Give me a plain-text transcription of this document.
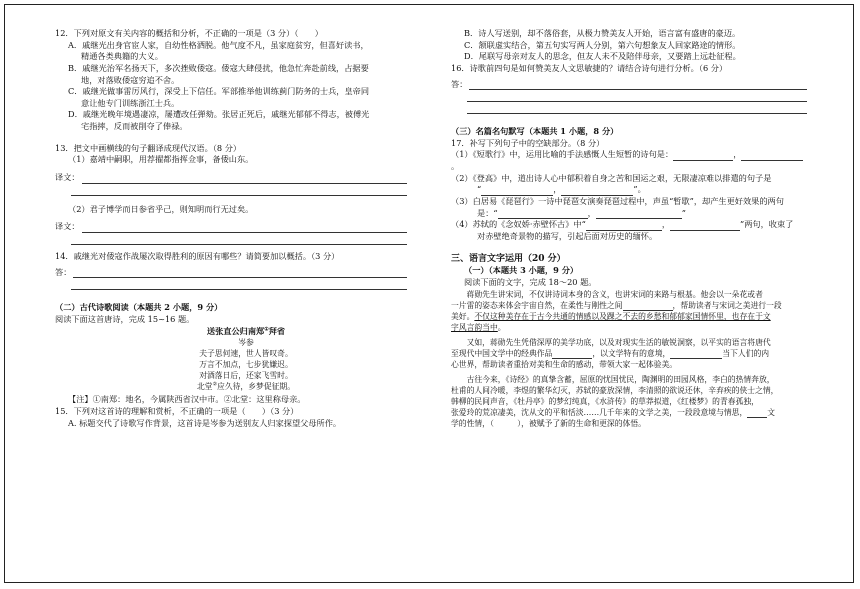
12．下列对原文有关内容的概括和分析，不正确的一项是（3 分）（　　）

A．戚继光出身官宦人家，自幼性格洒脱。他气度不凡，虽家庭贫穷，但喜好读书，

精通各类典籍的大义。

B．戚继光治军名扬天下，多次挫败倭寇。倭寇大肆侵扰，他急忙奔赴前线，占据要

地，对落败倭寇穷追不舍。

C．戚继光做事雷厉风行，深受上下信任。军部推举他训练蓟门防务的士兵，皇帝同

意让他专门训练浙江士兵。

D．戚继光晚年境遇凄凉，屡遭改任弹劾。张居正死后，戚继光郁郁不得志，被傅光

宅指摔，反而被削夺了俸禄。

13．把文中画横线的句子翻译成现代汉语。（8 分）

（1）嘉靖中嗣职，用荐擢都指挥佥事，备倭山东。

译文：

（2）君子博学而日参省乎己，则知明而行无过矣。

译文：

14．戚继光对倭寇作战屡次取得胜利的原因有哪些？请简要加以概括。（3 分）

答：

（二）古代诗歌阅读（本题共 2 小题，9 分）

阅读下面这首唐诗，完成 15~16 题。

送张直公归南郑①拜省

岑参

夫子思何速，世人皆叹奇。

万言不加点，七步犹嫌迟。

对酒落日后，还家飞雪时。

北堂②应久待，乡梦促征期。

【注】①南郑：地名，今属陕西省汉中市。②北堂：这里称母亲。

15．下列对这首诗的理解和赏析，不正确的一项是（　　）（3 分）

A. 标题交代了诗歌写作背景，这首诗是岑参为送别友人归家探望父母所作。

B．诗人写送别，却不落俗套，从极力赞美友人开始，语言富有盛唐的豪迈。

C．颔联虚实结合，第五句实写两人分别，第六句想象友人回家路途的情形。

D．尾联写母亲对友人的思念，但友人未不及陪伴母亲，又要踏上远赴征程。

16．诗歌前四句是如何赞美友人文思敏捷的？请结合诗句进行分析。（6 分）

答：

（三）名篇名句默写（本题共 1 小题，8 分）

17．补写下列句子中的空缺部分。（8 分）

（1）《短歌行》中，运用比喻的手法感慨人生短暂的诗句是：	，。

（2）《登高》中，道出诗人心中郁积着自身之苦和国运之艰，无限凄凉难以排遣的句子是

“	，	”。

（3）白居易《琵琶行》一诗中琵琶女演奏琵琶过程中，声虽“暂歇”，却产生更好效果的两句

是：“	，	”

（4）苏轼的《念奴娇·赤壁怀古》中“	，	”两句，收束了

对赤壁绝奇景物的描写，引起后面对历史的缅怀。

三、语言文字运用（20 分）

（一）（本题共 3 小题，9 分）

阅读下面的文字，完成 18～20 题。

　　蒋勋先生讲宋词，不仅讲诗词本身的含义，也讲宋词的来路与根基。他会以一朵花或者

一片雷的姿态来体会宇宙自然，在柔性与刚性之间	，帮助读者与宋词之美进行一段

美好。不仅这种美存在于古今共通的情感以及踝之不去的乡愁和郁郁家国情怀里，也存在于文

字风言韵当中。

　　又如，蒋勋先生凭借深厚的美学功底，以及对现实生活的敏锐洞察，以平实的语言将唐代

至现代中国文学中的经典作品	，以文学特有的意境，	当下人们的内

心世界，帮助读者重拾对美和生命的感动，带领大家一起体验美。

　　古往今来，《诗经》的真挚含蓄，屈原的忧国忧民，陶渊明的田园风格，李白的热情奔放，

杜甫的人间冷暖，李煜的繁华幻灭，苏轼的豪放深情，李清照的欲说还休，辛弃疾的侠士之情，

韩柳的民间声音，《牡丹亭》的梦幻纯真，《水浒传》的草莽拟道，《红楼梦》的青春孤独，

张爱玲的荒凉凄美，沈从文的平和恬淡……几千年来的文学之美，一段段意境与情思，	文

学的性情，（　　　），被赋予了新的生命和更深的体悟。
